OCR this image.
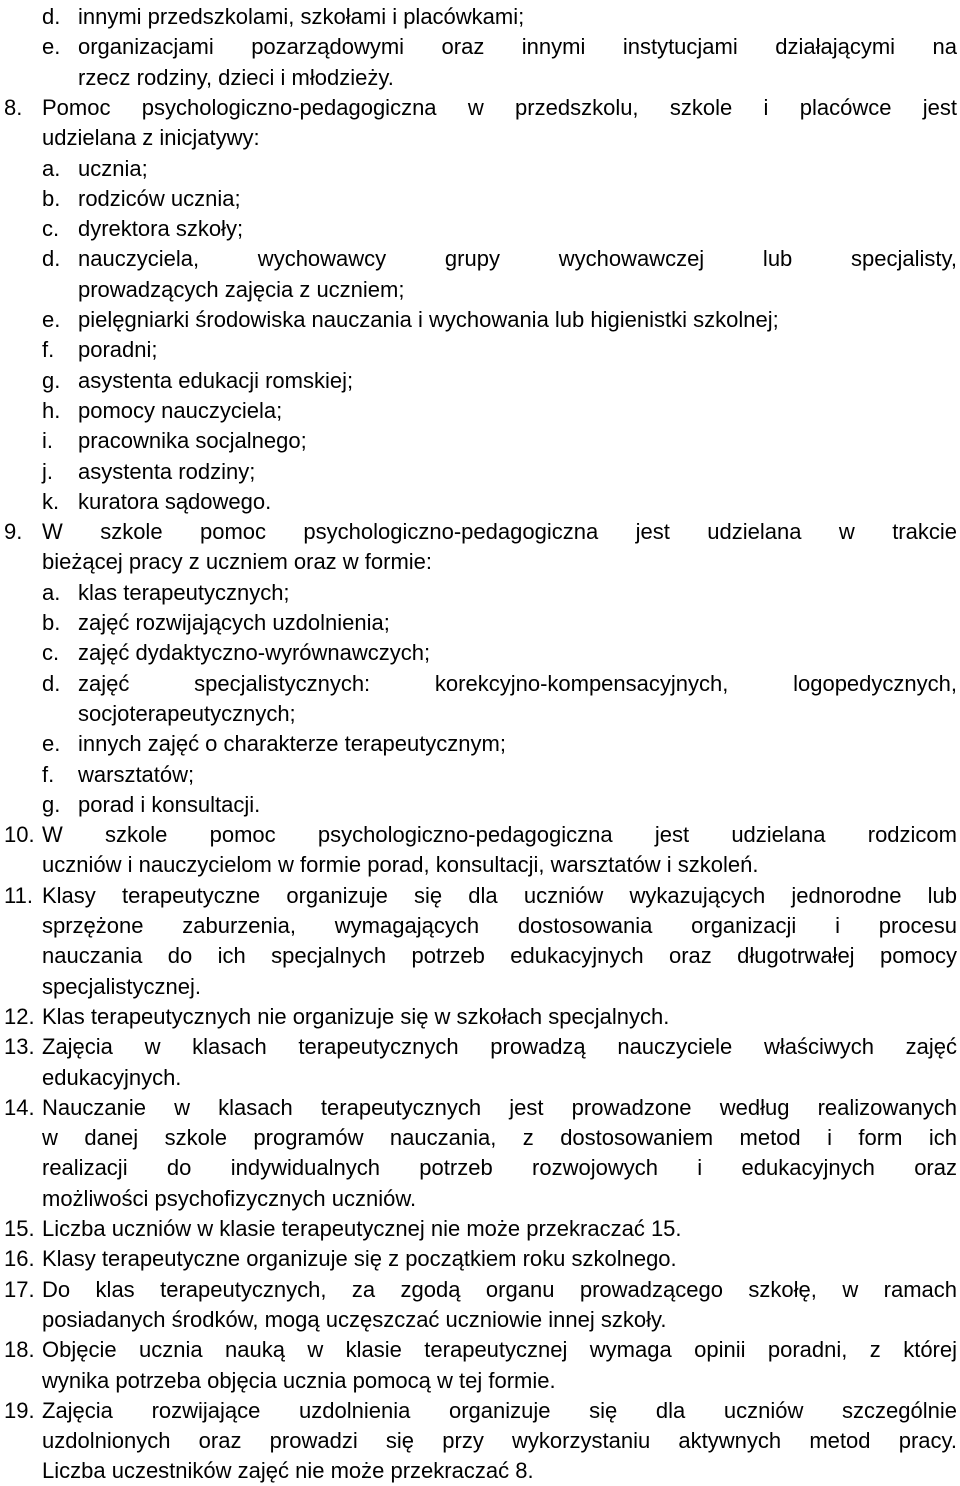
d. innymi przedszkolami, szkołami i placówkami;
e. organizacjami pozarządowymi oraz innymi instytucjami działającymi na
rzecz rodziny, dzieci i młodzieży.
8. Pomoc psychologiczno-pedagogiczna w przedszkolu, szkole i placówce jest
udzielana z inicjatywy:
a. ucznia;
b. rodziców ucznia;
c. dyrektora szkoły;
d. nauczyciela, wychowawcy grupy wychowawczej lub specjalisty,
prowadzących zajęcia z uczniem;
e. pielęgniarki środowiska nauczania i wychowania lub higienistki szkolnej;
f. poradni;
g. asystenta edukacji romskiej;
h. pomocy nauczyciela;
i. pracownika socjalnego;
j. asystenta rodziny;
k. kuratora sądowego.
9. W szkole pomoc psychologiczno-pedagogiczna jest udzielana w trakcie
bieżącej pracy z uczniem oraz w formie:
a. klas terapeutycznych;
b. zajęć rozwijających uzdolnienia;
c. zajęć dydaktyczno-wyrównawczych;
d. zajęć specjalistycznych: korekcyjno-kompensacyjnych, logopedycznych,
socjoterapeutycznych;
e. innych zajęć o charakterze terapeutycznym;
f. warsztatów;
g. porad i konsultacji.
10. W szkole pomoc psychologiczno-pedagogiczna jest udzielana rodzicom
uczniów i nauczycielom w formie porad, konsultacji, warsztatów i szkoleń.
11. Klasy terapeutyczne organizuje się dla uczniów wykazujących jednorodne lub
sprzężone zaburzenia, wymagających dostosowania organizacji i procesu
nauczania do ich specjalnych potrzeb edukacyjnych oraz długotrwałej pomocy
specjalistycznej.
12. Klas terapeutycznych nie organizuje się w szkołach specjalnych.
13. Zajęcia w klasach terapeutycznych prowadzą nauczyciele właściwych zajęć
edukacyjnych.
14. Nauczanie w klasach terapeutycznych jest prowadzone według realizowanych
w danej szkole programów nauczania, z dostosowaniem metod i form ich
realizacji do indywidualnych potrzeb rozwojowych i edukacyjnych oraz
możliwości psychofizycznych uczniów.
15. Liczba uczniów w klasie terapeutycznej nie może przekraczać 15.
16. Klasy terapeutyczne organizuje się z początkiem roku szkolnego.
17. Do klas terapeutycznych, za zgodą organu prowadzącego szkołę, w ramach
posiadanych środków, mogą uczęszczać uczniowie innej szkoły.
18. Objęcie ucznia nauką w klasie terapeutycznej wymaga opinii poradni, z której
wynika potrzeba objęcia ucznia pomocą w tej formie.
19. Zajęcia rozwijające uzdolnienia organizuje się dla uczniów szczególnie
uzdolnionych oraz prowadzi się przy wykorzystaniu aktywnych metod pracy.
Liczba uczestników zajęć nie może przekraczać 8.
